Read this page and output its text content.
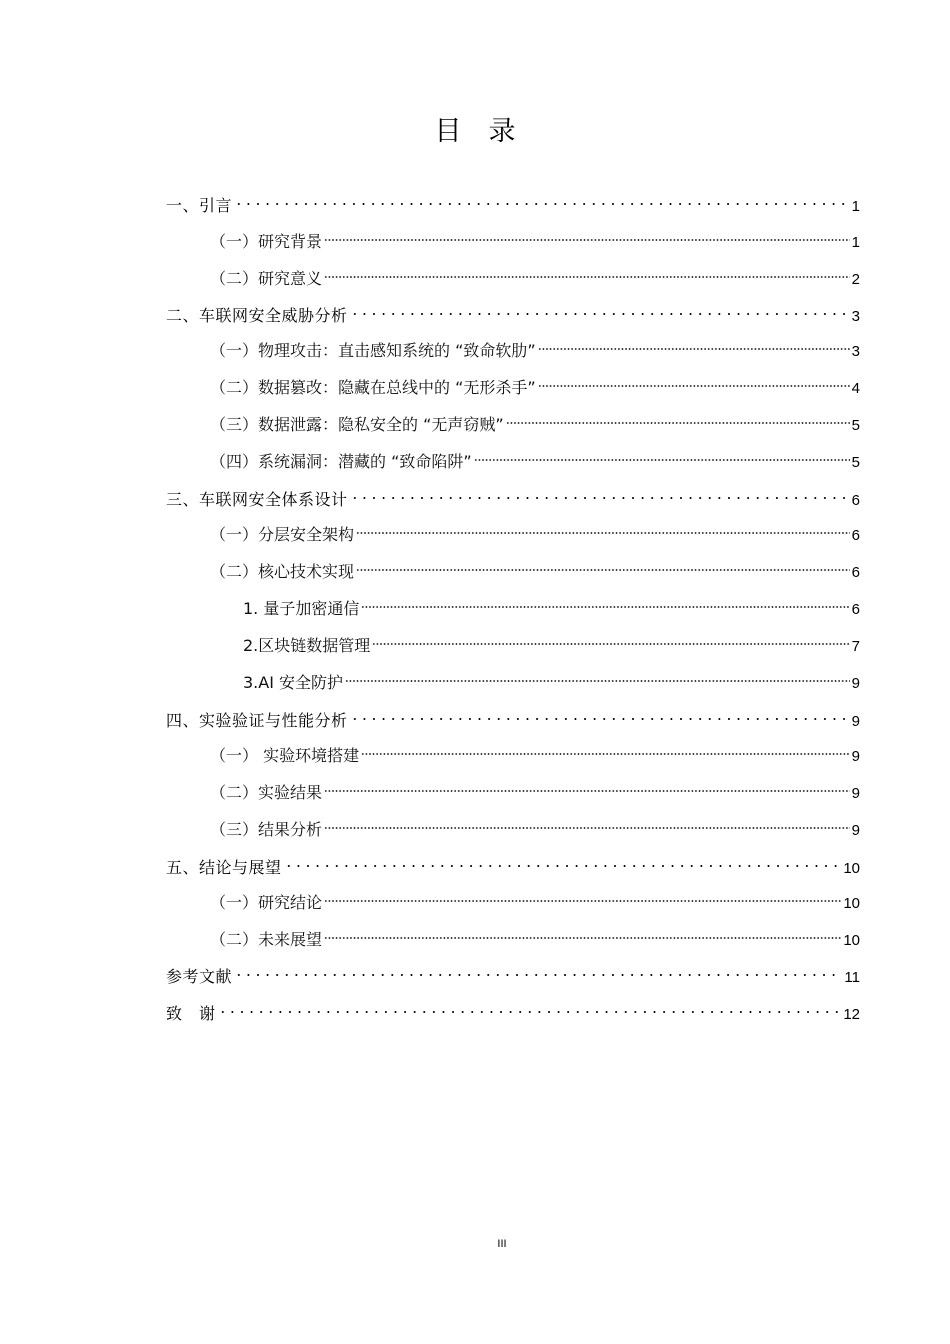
目　录
一、引言	1
（一）研究背景	1
（二）研究意义	2
二、车联网安全威胁分析	3
（一）物理攻击：直击感知系统的 “致命软肋”	3
（二）数据篡改：隐藏在总线中的 “无形杀手”	4
（三）数据泄露：隐私安全的 “无声窃贼”	5
（四）系统漏洞：潜藏的 “致命陷阱”	5
三、车联网安全体系设计	6
（一）分层安全架构	6
（二）核心技术实现	6
1. 量子加密通信	6
2.区块链数据管理	7
3.AI 安全防护	9
四、实验验证与性能分析	9
（一） 实验环境搭建	9
（二）实验结果	9
（三）结果分析	9
五、结论与展望	10
（一）研究结论	10
（二）未来展望	10
参考文献	11
致　谢	12
III
